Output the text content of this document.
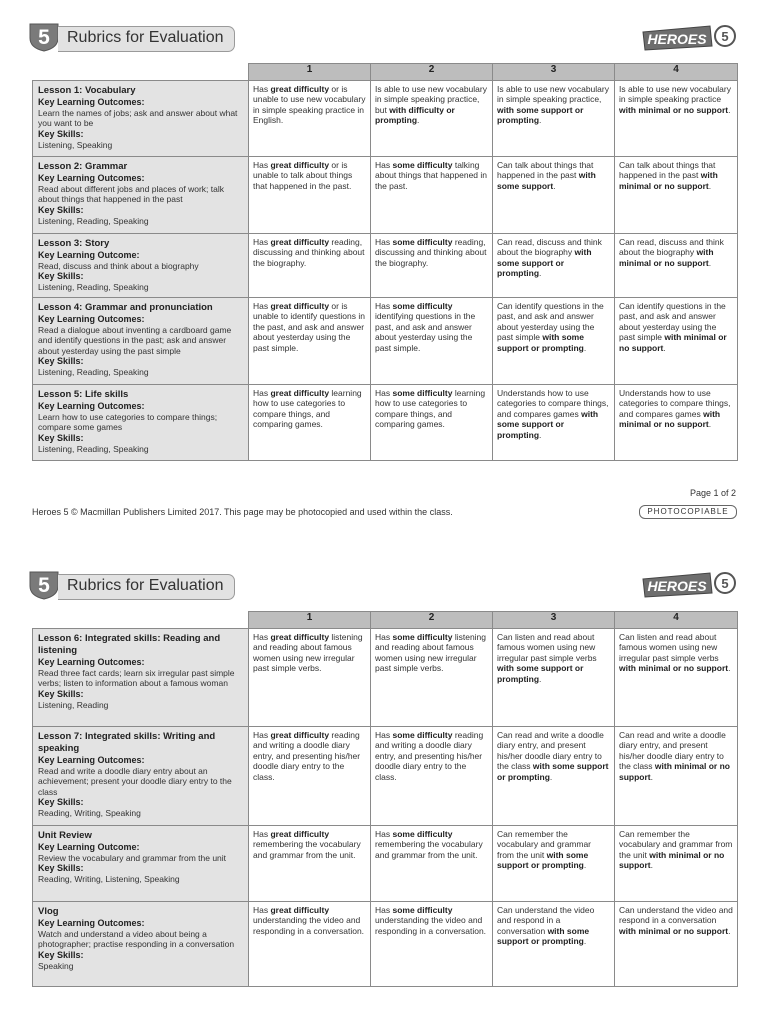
5 Rubrics for Evaluation	HEROES 5
	1	2	3	4

Lesson 1: Vocabulary
Key Learning Outcomes:
Learn the names of jobs; ask and answer about what you want to be
Key Skills:
Listening, Speaking	Has great difficulty or is unable to use new vocabulary in simple speaking practice in English.	Is able to use new vocabulary in simple speaking practice, but with difficulty or prompting.	Is able to use new vocabulary in simple speaking practice, with some support or prompting.	Is able to use new vocabulary in simple speaking practice with minimal or no support.

Lesson 2: Grammar
Key Learning Outcomes:
Read about different jobs and places of work; talk about things that happened in the past
Key Skills:
Listening, Reading, Speaking	Has great difficulty or is unable to talk about things that happened in the past.	Has some difficulty talking about things that happened in the past.	Can talk about things that happened in the past with some support.	Can talk about things that happened in the past with minimal or no support.

Lesson 3: Story
Key Learning Outcome:
Read, discuss and think about a biography
Key Skills:
Listening, Reading, Speaking	Has great difficulty reading, discussing and thinking about the biography.	Has some difficulty reading, discussing and thinking about the biography.	Can read, discuss and think about the biography with some support or prompting.	Can read, discuss and think about the biography with minimal or no support.

Lesson 4: Grammar and pronunciation
Key Learning Outcomes:
Read a dialogue about inventing a cardboard game and identify questions in the past; ask and answer about yesterday using the past simple
Key Skills:
Listening, Reading, Speaking	Has great difficulty or is unable to identify questions in the past, and ask and answer about yesterday using the past simple.	Has some difficulty identifying questions in the past, and ask and answer about yesterday using the past simple.	Can identify questions in the past, and ask and answer about yesterday using the past simple with some support or prompting.	Can identify questions in the past, and ask and answer about yesterday using the past simple with minimal or no support.

Lesson 5: Life skills
Key Learning Outcomes:
Learn how to use categories to compare things; compare some games
Key Skills:
Listening, Reading, Speaking	Has great difficulty learning how to use categories to compare things, and comparing games.	Has some difficulty learning how to use categories to compare things, and comparing games.	Understands how to use categories to compare things, and compares games with some support or prompting.	Understands how to use categories to compare things, and compares games with minimal or no support.
Page 1 of 2
Heroes 5 © Macmillan Publishers Limited 2017. This page may be photocopied and used within the class.	PHOTOCOPIABLE
5 Rubrics for Evaluation	HEROES 5
	1	2	3	4

Lesson 6: Integrated skills: Reading and listening
Key Learning Outcomes:
Read three fact cards; learn six irregular past simple verbs; listen to information about a famous woman
Key Skills:
Listening, Reading	Has great difficulty listening and reading about famous women using new irregular past simple verbs.	Has some difficulty listening and reading about famous women using new irregular past simple verbs.	Can listen and read about famous women using new irregular past simple verbs with some support or prompting.	Can listen and read about famous women using new irregular past simple verbs with minimal or no support.

Lesson 7: Integrated skills: Writing and speaking
Key Learning Outcomes:
Read and write a doodle diary entry about an achievement; present your doodle diary entry to the class
Key Skills:
Reading, Writing, Speaking	Has great difficulty reading and writing a doodle diary entry, and presenting his/her doodle diary entry to the class.	Has some difficulty reading and writing a doodle diary entry, and presenting his/her doodle diary entry to the class.	Can read and write a doodle diary entry, and present his/her doodle diary entry to the class with some support or prompting.	Can read and write a doodle diary entry, and present his/her doodle diary entry to the class with minimal or no support.

Unit Review
Key Learning Outcome:
Review the vocabulary and grammar from the unit
Key Skills:
Reading, Writing, Listening, Speaking	Has great difficulty remembering the vocabulary and grammar from the unit.	Has some difficulty remembering the vocabulary and grammar from the unit.	Can remember the vocabulary and grammar from the unit with some support or prompting.	Can remember the vocabulary and grammar from the unit with minimal or no support.

Vlog
Key Learning Outcomes:
Watch and understand a video about being a photographer; practise responding in a conversation
Key Skills:
Speaking	Has great difficulty understanding the video and responding in a conversation.	Has some difficulty understanding the video and responding in a conversation.	Can understand the video and respond in a conversation with some support or prompting.	Can understand the video and respond in a conversation with minimal or no support.
